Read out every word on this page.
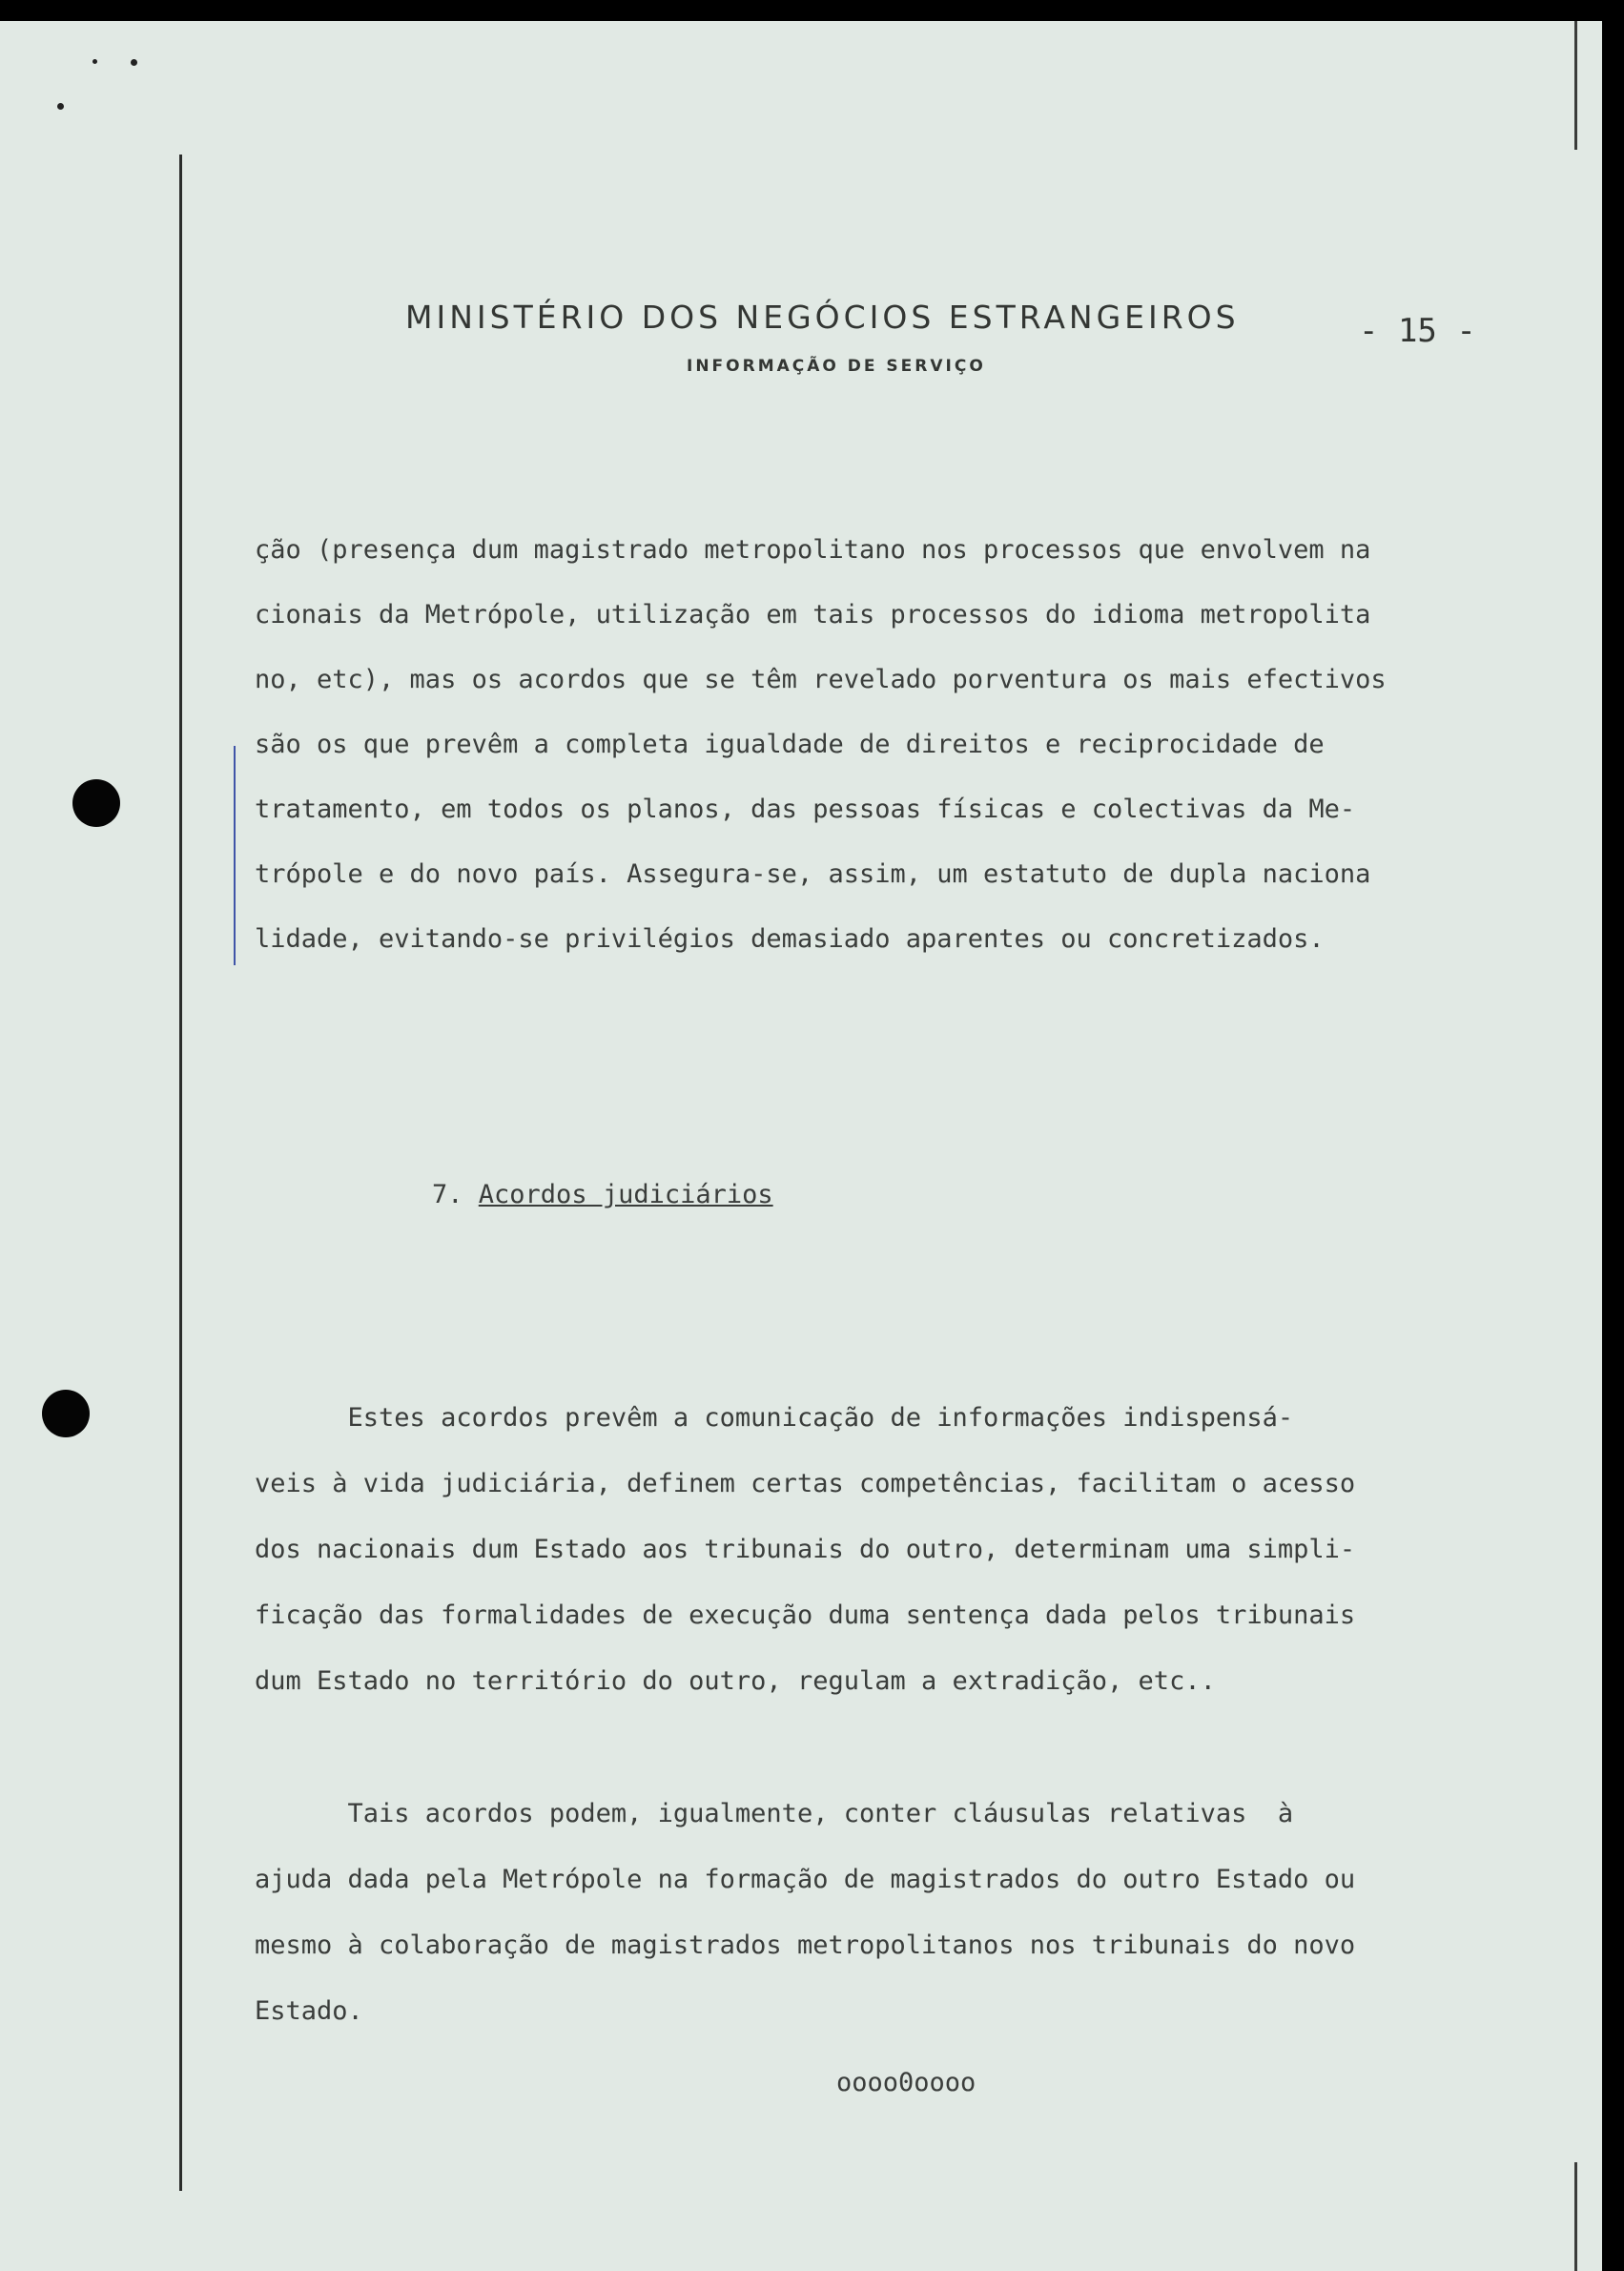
MINISTÉRIO DOS NEGÓCIOS ESTRANGEIROS
INFORMAÇÃO DE SERVIÇO
- 15 -
ção (presença dum magistrado metropolitano nos processos que envolvem na
cionais da Metrópole, utilização em tais processos do idioma metropolita
no, etc), mas os acordos que se têm revelado porventura os mais efectivos
são os que prevêm a completa igualdade de direitos e reciprocidade de
tratamento, em todos os planos, das pessoas físicas e colectivas da Me-
trópole e do novo país. Assegura-se, assim, um estatuto de dupla naciona
lidade, evitando-se privilégios demasiado aparentes ou concretizados.
7. Acordos judiciários
Estes acordos prevêm a comunicação de informações indispensá-
veis à vida judiciária, definem certas competências, facilitam o acesso
dos nacionais dum Estado aos tribunais do outro, determinam uma simpli-
ficação das formalidades de execução duma sentença dada pelos tribunais
dum Estado no território do outro, regulam a extradição, etc..
Tais acordos podem, igualmente, conter cláusulas relativas  à
ajuda dada pela Metrópole na formação de magistrados do outro Estado ou
mesmo à colaboração de magistrados metropolitanos nos tribunais do novo
Estado.
oooo0oooo
